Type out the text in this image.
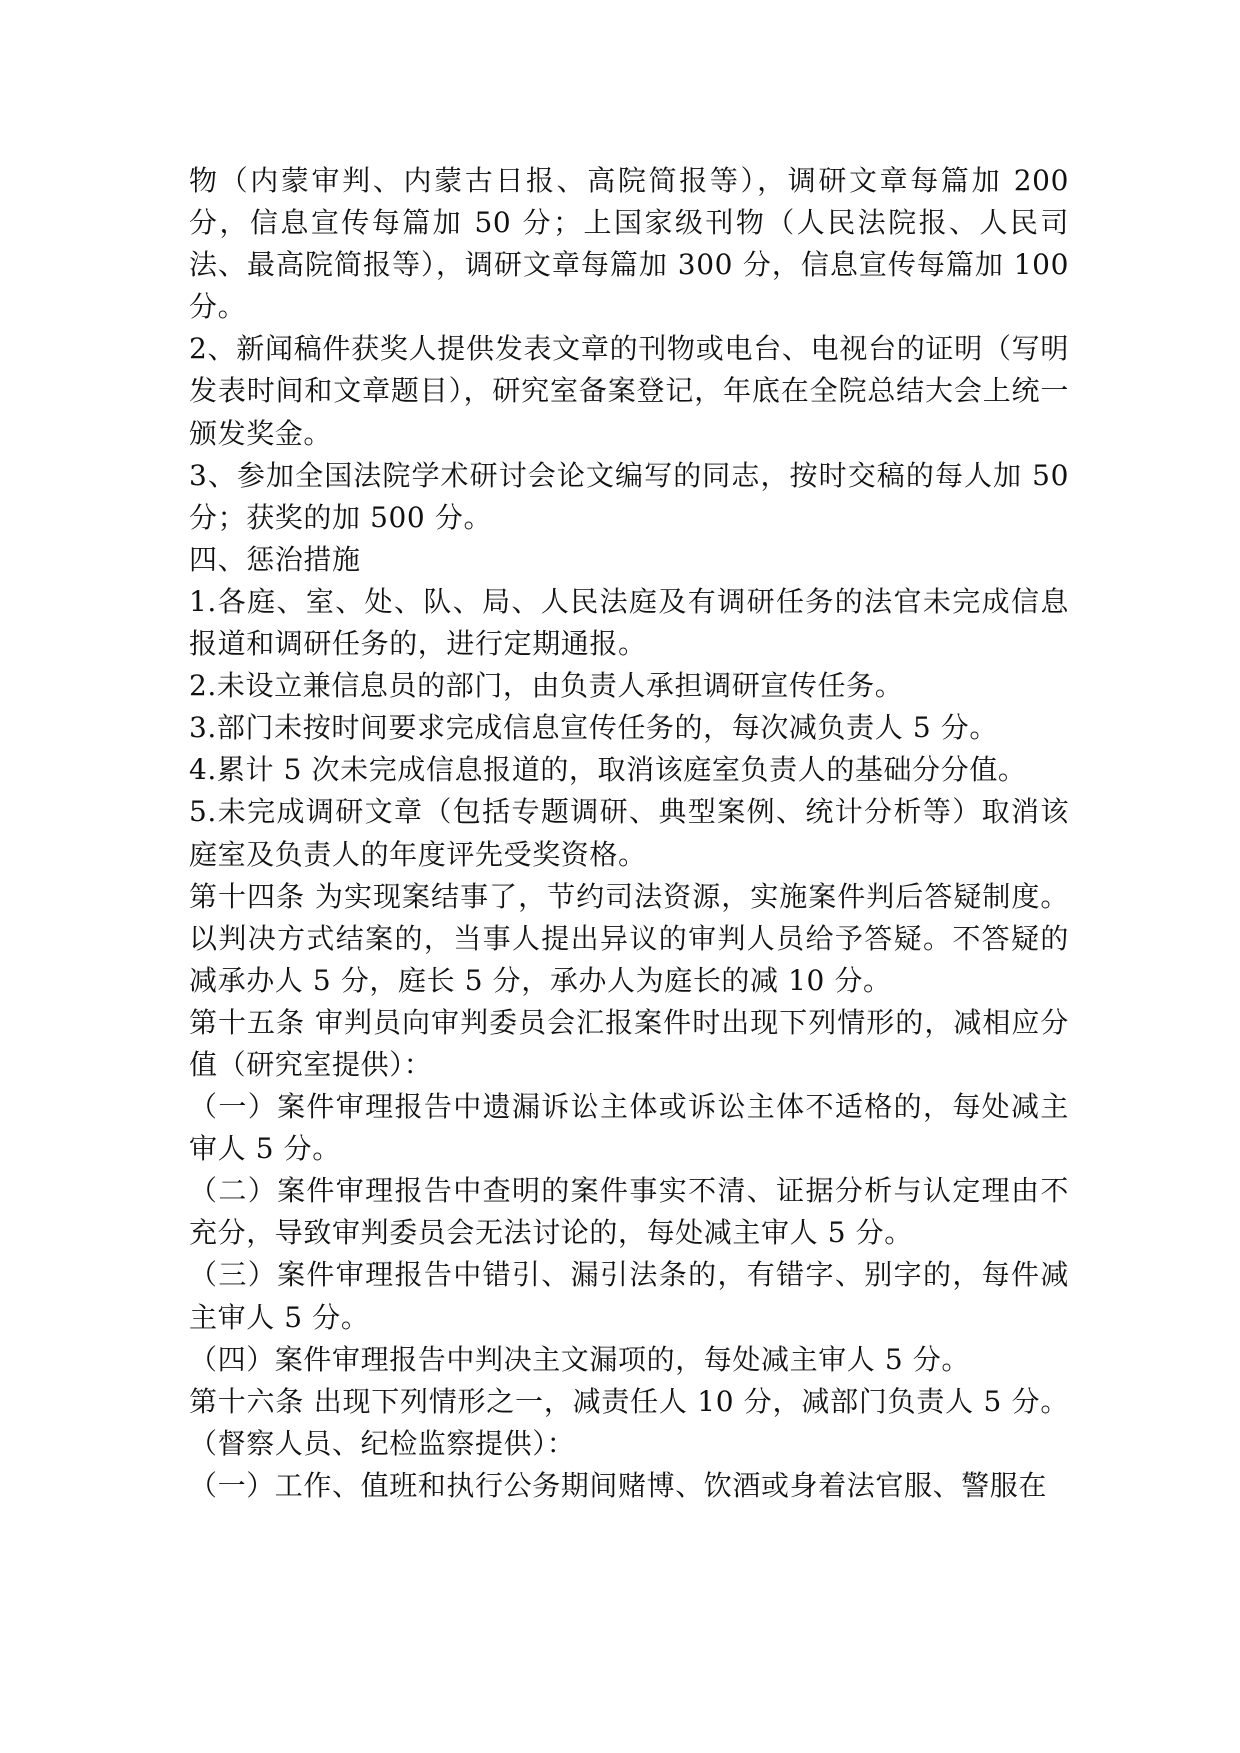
物（内蒙审判、内蒙古日报、高院简报等），调研文章每篇加 200 分，信息宣传每篇加 50 分；上国家级刊物（人民法院报、人民司法、最高院简报等），调研文章每篇加 300 分，信息宣传每篇加 100 分。

2、新闻稿件获奖人提供发表文章的刊物或电台、电视台的证明（写明发表时间和文章题目），研究室备案登记，年底在全院总结大会上统一颁发奖金。

3、参加全国法院学术研讨会论文编写的同志，按时交稿的每人加 50 分；获奖的加 500 分。

四、惩治措施

1.各庭、室、处、队、局、人民法庭及有调研任务的法官未完成信息报道和调研任务的，进行定期通报。

2.未设立兼信息员的部门，由负责人承担调研宣传任务。

3.部门未按时间要求完成信息宣传任务的，每次减负责人 5 分。

4.累计 5 次未完成信息报道的，取消该庭室负责人的基础分分值。

5.未完成调研文章（包括专题调研、典型案例、统计分析等）取消该庭室及负责人的年度评先受奖资格。

第十四条 为实现案结事了，节约司法资源，实施案件判后答疑制度。以判决方式结案的，当事人提出异议的审判人员给予答疑。不答疑的减承办人 5 分，庭长 5 分，承办人为庭长的减 10 分。

第十五条 审判员向审判委员会汇报案件时出现下列情形的，减相应分值（研究室提供）：

（一）案件审理报告中遗漏诉讼主体或诉讼主体不适格的，每处减主审人 5 分。

（二）案件审理报告中查明的案件事实不清、证据分析与认定理由不充分，导致审判委员会无法讨论的，每处减主审人 5 分。

（三）案件审理报告中错引、漏引法条的，有错字、别字的，每件减主审人 5 分。

（四）案件审理报告中判决主文漏项的，每处减主审人 5 分。

第十六条 出现下列情形之一，减责任人 10 分，减部门负责人 5 分。（督察人员、纪检监察提供）：

（一）工作、值班和执行公务期间赌博、饮酒或身着法官服、警服在
